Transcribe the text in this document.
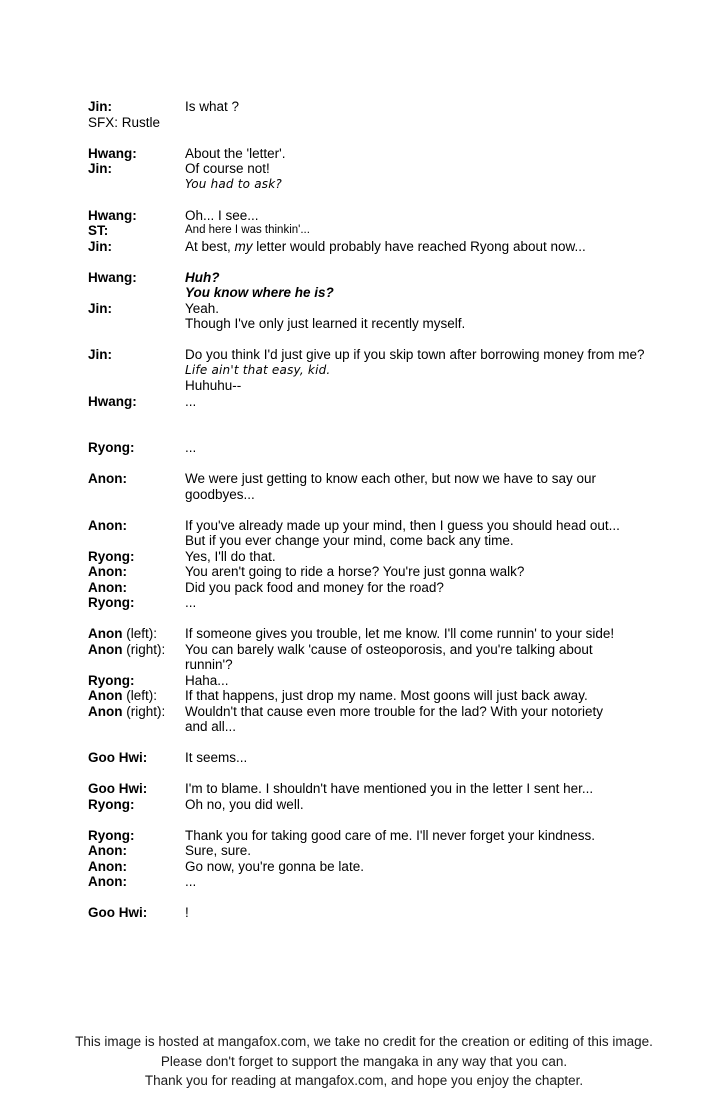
Jin:	Is what ?
SFX: Rustle
Hwang:	About the 'letter'.
Jin:	Of course not!
You had to ask?
Hwang:	Oh... I see...
ST:	And here I was thinkin'...
Jin:	At best, my letter would probably have reached Ryong about now...
Hwang:	Huh?
You know where he is?
Jin:	Yeah.
Though I've only just learned it recently myself.
Jin:	Do you think I'd just give up if you skip town after borrowing money from me?
Life ain't that easy, kid.
Huhuhu--
Hwang:	...
Ryong:	...
Anon:	We were just getting to know each other, but now we have to say our
goodbyes...
Anon:	If you've already made up your mind, then I guess you should head out...
But if you ever change your mind, come back any time.
Ryong:	Yes, I'll do that.
Anon:	You aren't going to ride a horse? You're just gonna walk?
Anon:	Did you pack food and money for the road?
Ryong:	...
Anon (left): If someone gives you trouble, let me know. I'll come runnin' to your side!
Anon (right): You can barely walk 'cause of osteoporosis, and you're talking about
runnin'?
Ryong:	Haha...
Anon (left): If that happens, just drop my name. Most goons will just back away.
Anon (right): Wouldn't that cause even more trouble for the lad? With your notoriety
and all...
Goo Hwi:	It seems...
Goo Hwi:	I'm to blame. I shouldn't have mentioned you in the letter I sent her...
Ryong:	Oh no, you did well.
Ryong:	Thank you for taking good care of me. I'll never forget your kindness.
Anon:	Sure, sure.
Anon:	Go now, you're gonna be late.
Anon:	...
Goo Hwi:	!
This image is hosted at mangafox.com, we take no credit for the creation or editing of this image.
Please don't forget to support the mangaka in any way that you can.
Thank you for reading at mangafox.com, and hope you enjoy the chapter.
